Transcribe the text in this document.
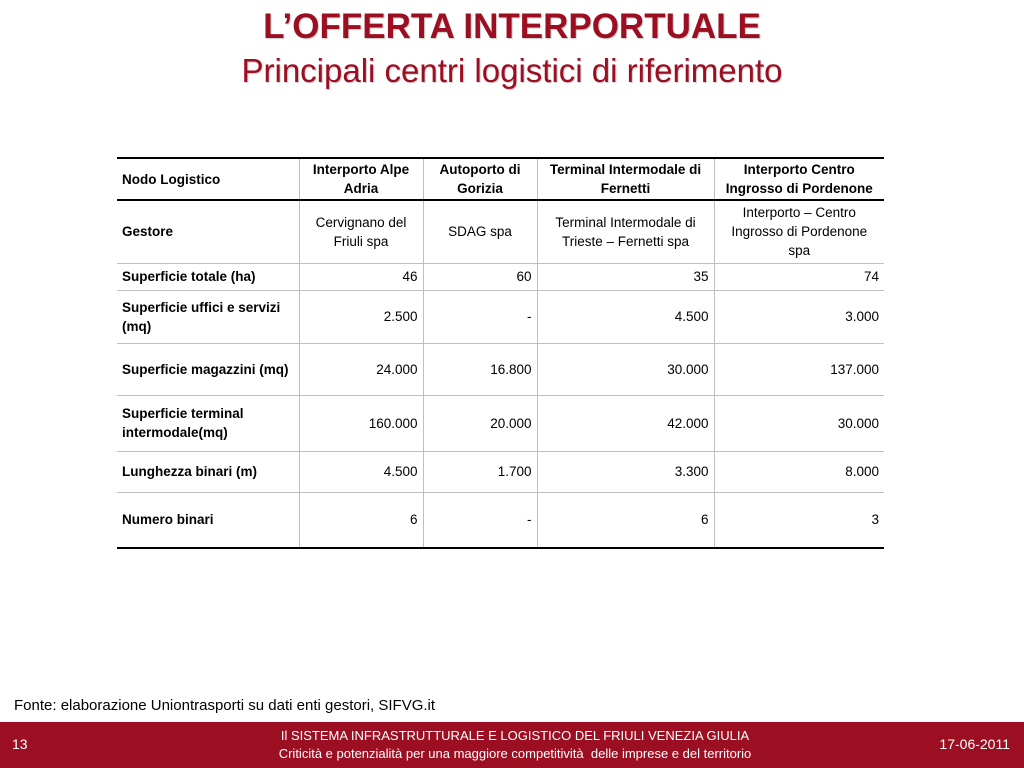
L’OFFERTA INTERPORTUALE
Principali centri logistici di riferimento
Nodo Logistico	Interporto Alpe Adria	Autoporto di Gorizia	Terminal Intermodale di Fernetti	Interporto Centro Ingrosso di Pordenone
Gestore	Cervignano del Friuli spa	SDAG spa	Terminal Intermodale di Trieste – Fernetti spa	Interporto – Centro Ingrosso di Pordenone spa
Superficie totale (ha)	46	60	35	74
Superficie uffici e servizi (mq)	2.500	-	4.500	3.000
Superficie magazzini (mq)	24.000	16.800	30.000	137.000
Superficie terminal intermodale(mq)	160.000	20.000	42.000	30.000
Lunghezza binari (m)	4.500	1.700	3.300	8.000
Numero binari	6	-	6	3
Fonte: elaborazione Uniontrasporti su dati enti gestori, SIFVG.it
13
Il SISTEMA INFRASTRUTTURALE E LOGISTICO DEL FRIULI VENEZIA GIULIA
Criticità e potenzialità per una maggiore competitività  delle imprese e del territorio
17-06-2011
